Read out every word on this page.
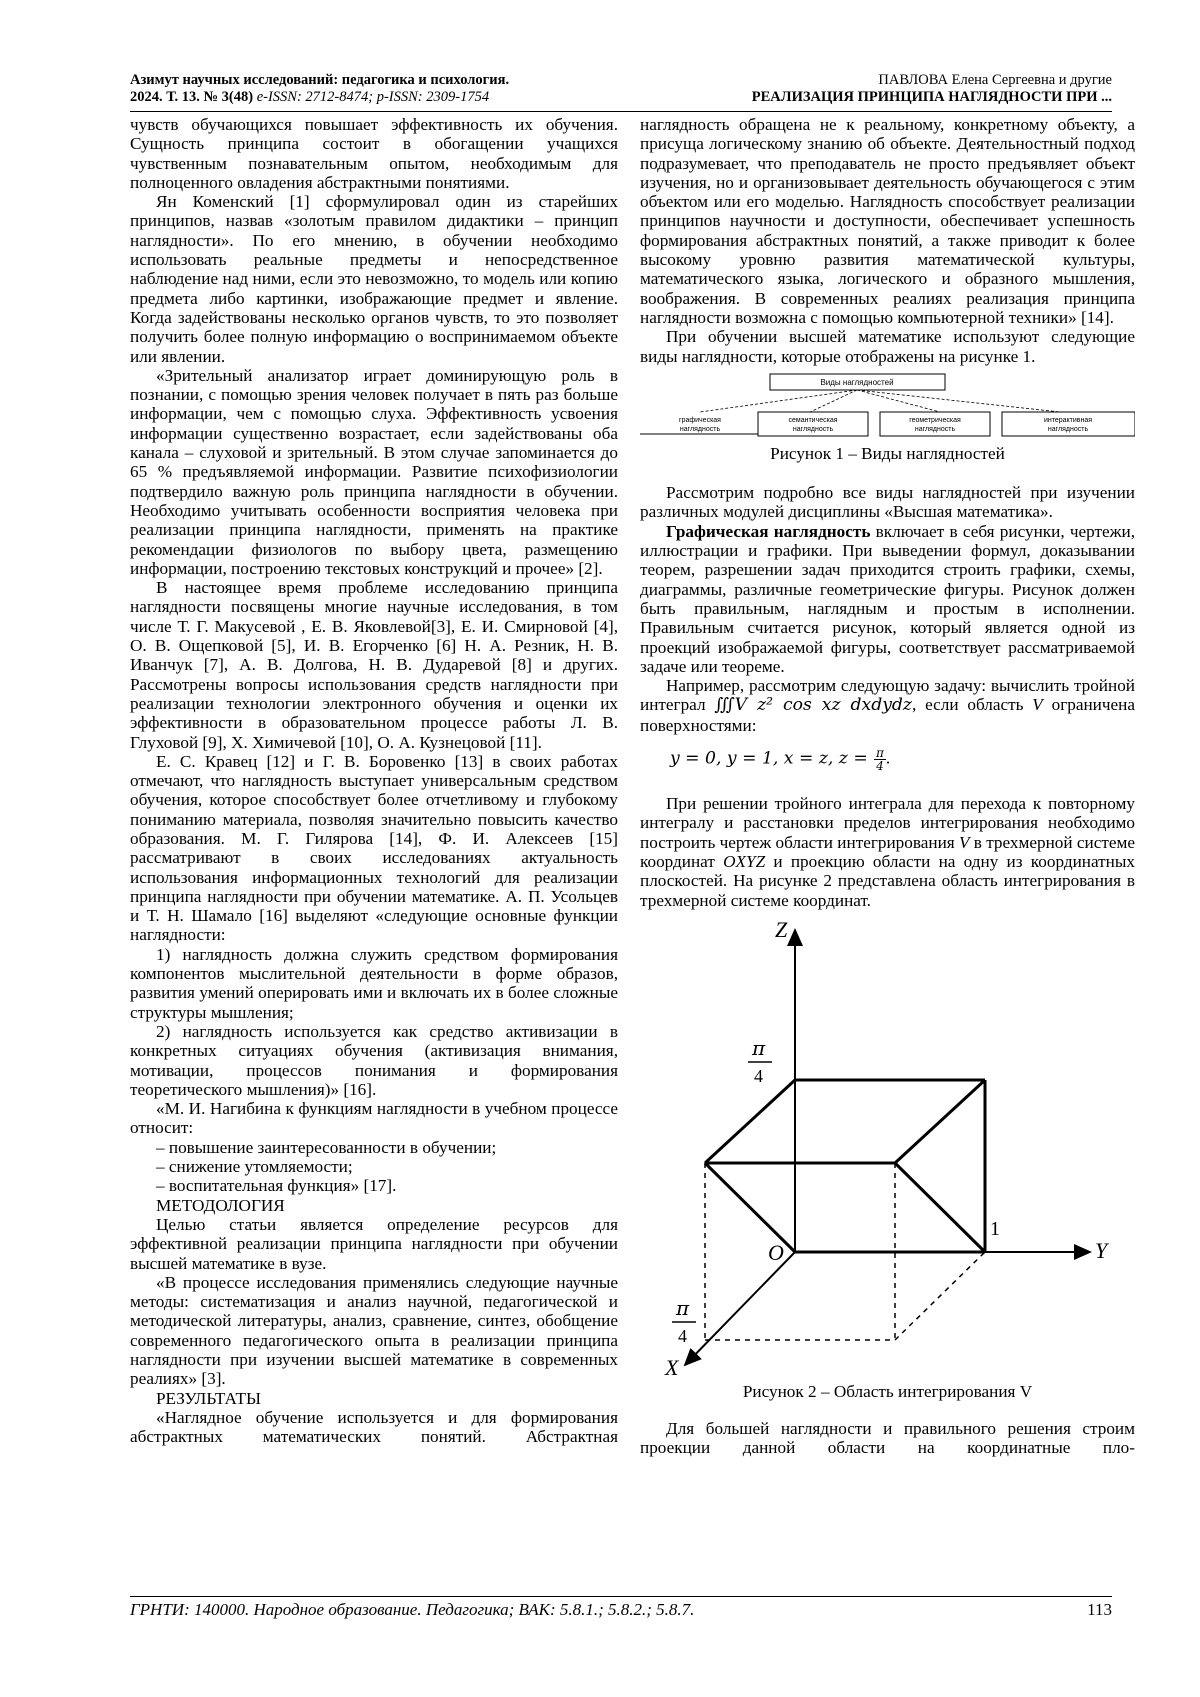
Азимут научных исследований: педагогика и психология.
2024. Т. 13. № 3(48) e-ISSN: 2712-8474; p-ISSN: 2309-1754
ПАВЛОВА Елена Сергеевна и другие
РЕАЛИЗАЦИЯ ПРИНЦИПА НАГЛЯДНОСТИ ПРИ ...

чувств обучающихся повышает эффективность их обучения. Сущность принципа состоит в обогащении учащихся чувственным познавательным опытом, необходимым для полноценного овладения абстрактными понятиями.

Ян Коменский [1] сформулировал один из старейших принципов, назвав «золотым правилом дидактики – принцип наглядности». По его мнению, в обучении необходимо использовать реальные предметы и непосредственное наблюдение над ними, если это невозможно, то модель или копию предмета либо картинки, изображающие предмет и явление. Когда задействованы несколько органов чувств, то это позволяет получить более полную информацию о воспринимаемом объекте или явлении.

«Зрительный анализатор играет доминирующую роль в познании, с помощью зрения человек получает в пять раз больше информации, чем с помощью слуха. Эффективность усвоения информации существенно возрастает, если задействованы оба канала – слуховой и зрительный. В этом случае запоминается до 65 % предъявляемой информации. Развитие психофизиологии подтвердило важную роль принципа наглядности в обучении. Необходимо учитывать особенности восприятия человека при реализации принципа наглядности, применять на практике рекомендации физиологов по выбору цвета, размещению информации, построению текстовых конструкций и прочее» [2].

В настоящее время проблеме исследованию принципа наглядности посвящены многие научные исследования, в том числе Т. Г. Макусевой , Е. В. Яковлевой[3], Е. И. Смирновой [4], О. В. Ощепковой [5], И. В. Егорченко [6] Н. А. Резник, Н. В. Иванчук [7], А. В. Долгова, Н. В. Дударевой [8] и других. Рассмотрены вопросы использования средств наглядности при реализации технологии электронного обучения и оценки их эффективности в образовательном процессе работы Л. В. Глуховой [9], Х. Химичевой [10], О. А. Кузнецовой [11].

Е. С. Кравец [12] и Г. В. Боровенко [13] в своих работах отмечают, что наглядность выступает универсальным средством обучения, которое способствует более отчетливому и глубокому пониманию материала, позволяя значительно повысить качество образования. М. Г. Гилярова [14], Ф. И. Алексеев [15] рассматривают в своих исследованиях актуальность использования информационных технологий для реализации принципа наглядности при обучении математике. А. П. Усольцев и Т. Н. Шамало [16] выделяют «следующие основные функции наглядности:

1) наглядность должна служить средством формирования компонентов мыслительной деятельности в форме образов, развития умений оперировать ими и включать их в более сложные структуры мышления;

2) наглядность используется как средство активизации в конкретных ситуациях обучения (активизация внимания, мотивации, процессов понимания и формирования теоретического мышления)» [16].

«М. И. Нагибина к функциям наглядности в учебном процессе относит:

– повышение заинтересованности в обучении;

– снижение утомляемости;

– воспитательная функция» [17].

МЕТОДОЛОГИЯ

Целью статьи является определение ресурсов для эффективной реализации принципа наглядности при обучении высшей математике в вузе.

«В процессе исследования применялись следующие научные методы: систематизация и анализ научной, педагогической и методической литературы, анализ, сравнение, синтез, обобщение современного педагогического опыта в реализации принципа наглядности при изучении высшей математике в современных реалиях» [3].

РЕЗУЛЬТАТЫ

«Наглядное обучение используется и для формирования абстрактных математических понятий. Абстрактная

наглядность обращена не к реальному, конкретному объекту, а присуща логическому знанию об объекте. Деятельностный подход подразумевает, что преподаватель не просто предъявляет объект изучения, но и организовывает деятельность обучающегося с этим объектом или его моделью. Наглядность способствует реализации принципов научности и доступности, обеспечивает успешность формирования абстрактных понятий, а также приводит к более высокому уровню развития математической культуры, математического языка, логического и образного мышления, воображения. В современных реалиях реализация принципа наглядности возможна с помощью компьютерной техники» [14].

При обучении высшей математике используют следующие виды наглядности, которые отображены на рисунке 1.

Виды наглядностей
графическая наглядность
семантическая наглядность
геометрическая наглядность
интерактивная наглядность

Рисунок 1 – Виды наглядностей

Рассмотрим подробно все виды наглядностей при изучении различных модулей дисциплины «Высшая математика».

Графическая наглядность включает в себя рисунки, чертежи, иллюстрации и графики. При выведении формул, доказывании теорем, разрешении задач приходится строить графики, схемы, диаграммы, различные геометрические фигуры. Рисунок должен быть правильным, наглядным и простым в исполнении. Правильным считается рисунок, который является одной из проекций изображаемой фигуры, соответствует рассматриваемой задаче или теореме.

Например, рассмотрим следующую задачу: вычислить тройной интеграл ∭V z² cos xz dxdydz, если область V ограничена поверхностями:

y = 0, y = 1, x = z, $z = \frac{\pi}{4}$ .

При решении тройного интеграла для перехода к повторному интегралу и расстановки пределов интегрирования необходимо построить чертеж области интегрирования V в трехмерной системе координат OXYZ и проекцию области на одну из координатных плоскостей. На рисунке 2 представлена область интегрирования в трехмерной системе координат.

Z
Y
X
O
1
π
4
π
4

Рисунок 2 – Область интегрирования V

Для большей наглядности и правильного решения строим проекции данной области на координатные пло-

ГРНТИ: 140000. Народное образование. Педагогика; ВАК: 5.8.1.; 5.8.2.; 5.8.7.	113
